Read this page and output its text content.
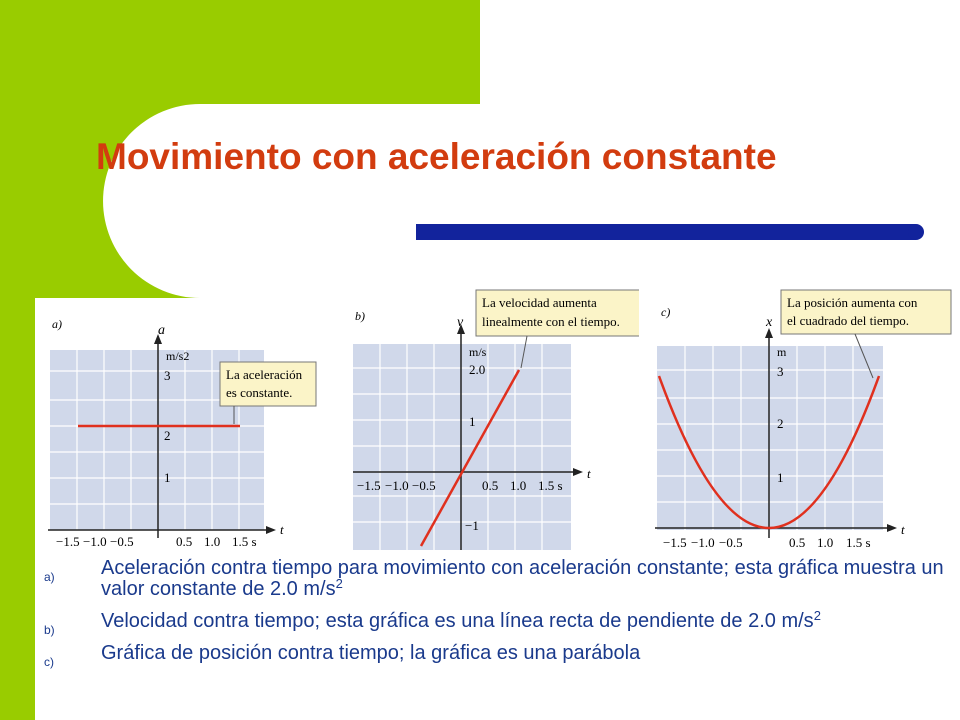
Movimiento con aceleración constante
La aceleración
es constante.
a)	a
m/s2
t
−1.5 −1.0 −0.5	0.5 1.0 1.5 s
1
2
3
La velocidad aumenta
linealmente con el tiempo.
b)	v
m/s
t
−1.5 −1.0 −0.5	0.5 1.0 1.5 s
2.0
1
−1
La posición aumenta con
el cuadrado del tiempo.
c)
x
m
t
−1.5 −1.0 −0.5	0.5 1.0 1.5 s
1
2
3
a) Aceleración contra tiempo para movimiento con aceleración constante; esta gráfica muestra un valor constante de 2.0 $m/s^2$
b) Velocidad contra tiempo; esta gráfica es una línea recta de pendiente de 2.0 $m/s^2$
c) Gráfica de posición contra tiempo; la gráfica es una parábola
